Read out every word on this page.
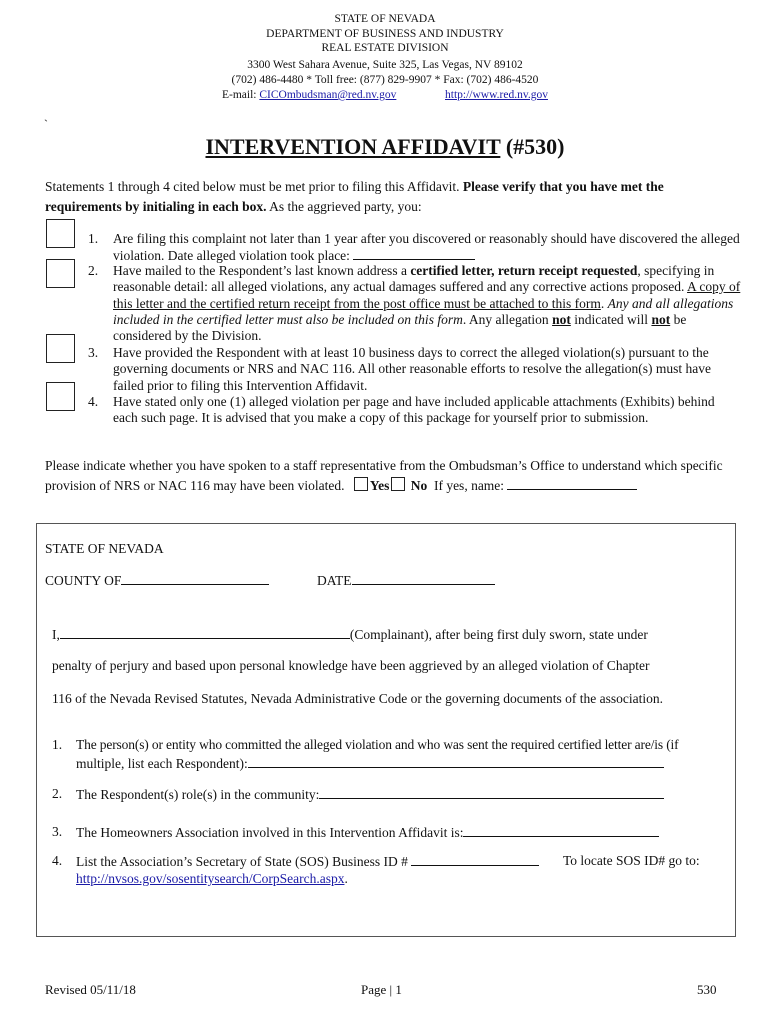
STATE OF NEVADA
DEPARTMENT OF BUSINESS AND INDUSTRY
REAL ESTATE DIVISION
3300 West Sahara Avenue, Suite 325, Las Vegas, NV 89102
(702) 486-4480 * Toll free: (877) 829-9907 * Fax: (702) 486-4520
E-mail: CICOmbudsman@red.nv.gov	http://www.red.nv.gov
`
INTERVENTION AFFIDAVIT (#530)
Statements 1 through 4 cited below must be met prior to filing this Affidavit. Please verify that you have met the requirements by initialing in each box. As the aggrieved party, you:
1. Are filing this complaint not later than 1 year after you discovered or reasonably should have discovered the alleged violation. Date alleged violation took place:
2. Have mailed to the Respondent’s last known address a certified letter, return receipt requested, specifying in reasonable detail: all alleged violations, any actual damages suffered and any corrective actions proposed. A copy of this letter and the certified return receipt from the post office must be attached to this form. Any and all allegations included in the certified letter must also be included on this form. Any allegation not indicated will not be considered by the Division.
3. Have provided the Respondent with at least 10 business days to correct the alleged violation(s) pursuant to the governing documents or NRS and NAC 116. All other reasonable efforts to resolve the allegation(s) must have failed prior to filing this Intervention Affidavit.
4. Have stated only one (1) alleged violation per page and have included applicable attachments (Exhibits) behind each such page. It is advised that you make a copy of this package for yourself prior to submission.
Please indicate whether you have spoken to a staff representative from the Ombudsman’s Office to understand which specific provision of NRS or NAC 116 may have been violated. Yes No If yes, name:
STATE OF NEVADA
COUNTY OF	DATE
I,	(Complainant), after being first duly sworn, state under
penalty of perjury and based upon personal knowledge have been aggrieved by an alleged violation of Chapter
116 of the Nevada Revised Statutes, Nevada Administrative Code or the governing documents of the association.
1. The person(s) or entity who committed the alleged violation and who was sent the required certified letter are/is (if
multiple, list each Respondent):
2. The Respondent(s) role(s) in the community:
3. The Homeowners Association involved in this Intervention Affidavit is:
4. List the Association’s Secretary of State (SOS) Business ID #	To locate SOS ID# go to:
http://nvsos.gov/sosentitysearch/CorpSearch.aspx.
Revised 05/11/18	Page | 1	530
